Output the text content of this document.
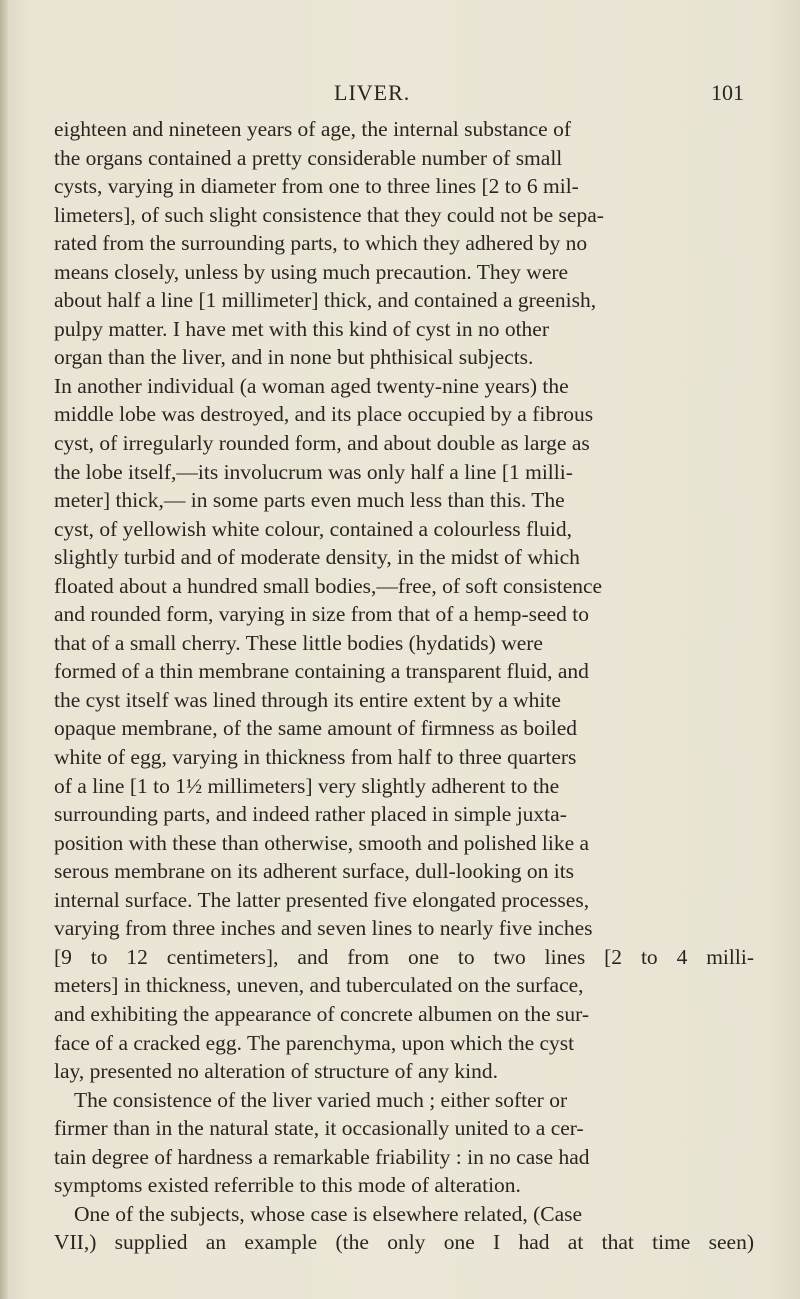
LIVER.	101
eighteen and nineteen years of age, the internal substance of
the organs contained a pretty considerable number of small
cysts, varying in diameter from one to three lines [2 to 6 mil-
limeters], of such slight consistence that they could not be sepa-
rated from the surrounding parts, to which they adhered by no
means closely, unless by using much precaution. They were
about half a line [1 millimeter] thick, and contained a greenish,
pulpy matter. I have met with this kind of cyst in no other
organ than the liver, and in none but phthisical subjects.
In another individual (a woman aged twenty-nine years) the
middle lobe was destroyed, and its place occupied by a fibrous
cyst, of irregularly rounded form, and about double as large as
the lobe itself,—its involucrum was only half a line [1 milli-
meter] thick,— in some parts even much less than this. The
cyst, of yellowish white colour, contained a colourless fluid,
slightly turbid and of moderate density, in the midst of which
floated about a hundred small bodies,—free, of soft consistence
and rounded form, varying in size from that of a hemp-seed to
that of a small cherry. These little bodies (hydatids) were
formed of a thin membrane containing a transparent fluid, and
the cyst itself was lined through its entire extent by a white
opaque membrane, of the same amount of firmness as boiled
white of egg, varying in thickness from half to three quarters
of a line [1 to 1½ millimeters] very slightly adherent to the
surrounding parts, and indeed rather placed in simple juxta-
position with these than otherwise, smooth and polished like a
serous membrane on its adherent surface, dull-looking on its
internal surface. The latter presented five elongated processes,
varying from three inches and seven lines to nearly five inches
[9 to 12 centimeters], and from one to two lines [2 to 4 milli-
meters] in thickness, uneven, and tuberculated on the surface,
and exhibiting the appearance of concrete albumen on the sur-
face of a cracked egg. The parenchyma, upon which the cyst
lay, presented no alteration of structure of any kind.
The consistence of the liver varied much ; either softer or
firmer than in the natural state, it occasionally united to a cer-
tain degree of hardness a remarkable friability : in no case had
symptoms existed referrible to this mode of alteration.
One of the subjects, whose case is elsewhere related, (Case
VII,) supplied an example (the only one I had at that time seen)
